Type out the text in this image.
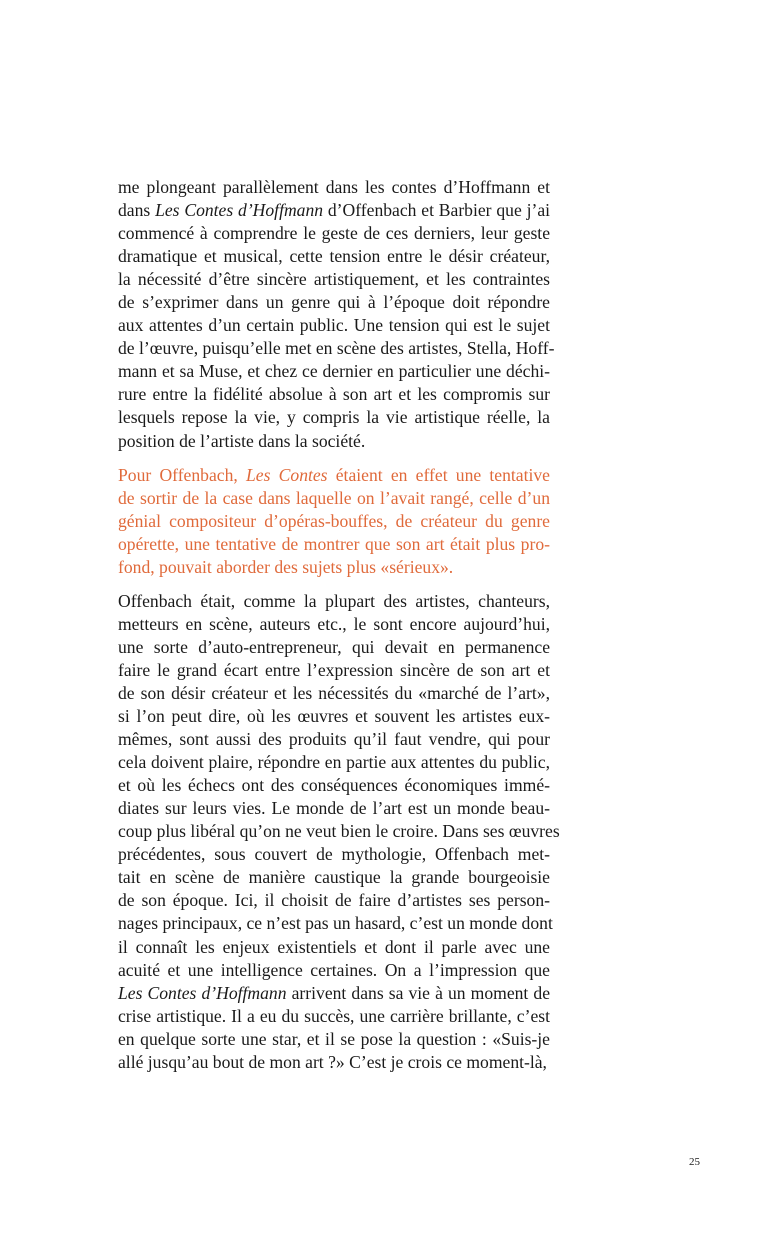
me plongeant parallèlement dans les contes d’Hoffmann et
dans Les Contes d’Hoffmann d’Offenbach et Barbier que j’ai
commencé à comprendre le geste de ces derniers, leur geste
dramatique et musical, cette tension entre le désir créateur,
la nécessité d’être sincère artistiquement, et les contraintes
de s’exprimer dans un genre qui à l’époque doit répondre
aux attentes d’un certain public. Une tension qui est le sujet
de l’œuvre, puisqu’elle met en scène des artistes, Stella, Hoff-
mann et sa Muse, et chez ce dernier en particulier une déchi-
rure entre la fidélité absolue à son art et les compromis sur
lesquels repose la vie, y compris la vie artistique réelle, la
position de l’artiste dans la société.

Pour Offenbach, Les Contes étaient en effet une tentative
de sortir de la case dans laquelle on l’avait rangé, celle d’un
génial compositeur d’opéras-bouffes, de créateur du genre
opérette, une tentative de montrer que son art était plus pro-
fond, pouvait aborder des sujets plus «sérieux».

Offenbach était, comme la plupart des artistes, chanteurs,
metteurs en scène, auteurs etc., le sont encore aujourd’hui,
une sorte d’auto-entrepreneur, qui devait en permanence
faire le grand écart entre l’expression sincère de son art et
de son désir créateur et les nécessités du «marché de l’art»,
si l’on peut dire, où les œuvres et souvent les artistes eux-
mêmes, sont aussi des produits qu’il faut vendre, qui pour
cela doivent plaire, répondre en partie aux attentes du public,
et où les échecs ont des conséquences économiques immé-
diates sur leurs vies. Le monde de l’art est un monde beau-
coup plus libéral qu’on ne veut bien le croire. Dans ses œuvres
précédentes, sous couvert de mythologie, Offenbach met-
tait en scène de manière caustique la grande bourgeoisie
de son époque. Ici, il choisit de faire d’artistes ses person-
nages principaux, ce n’est pas un hasard, c’est un monde dont
il connaît les enjeux existentiels et dont il parle avec une
acuité et une intelligence certaines. On a l’impression que
Les Contes d’Hoffmann arrivent dans sa vie à un moment de
crise artistique. Il a eu du succès, une carrière brillante, c’est
en quelque sorte une star, et il se pose la question : «Suis-je
allé jusqu’au bout de mon art ?» C’est je crois ce moment-là,

25
